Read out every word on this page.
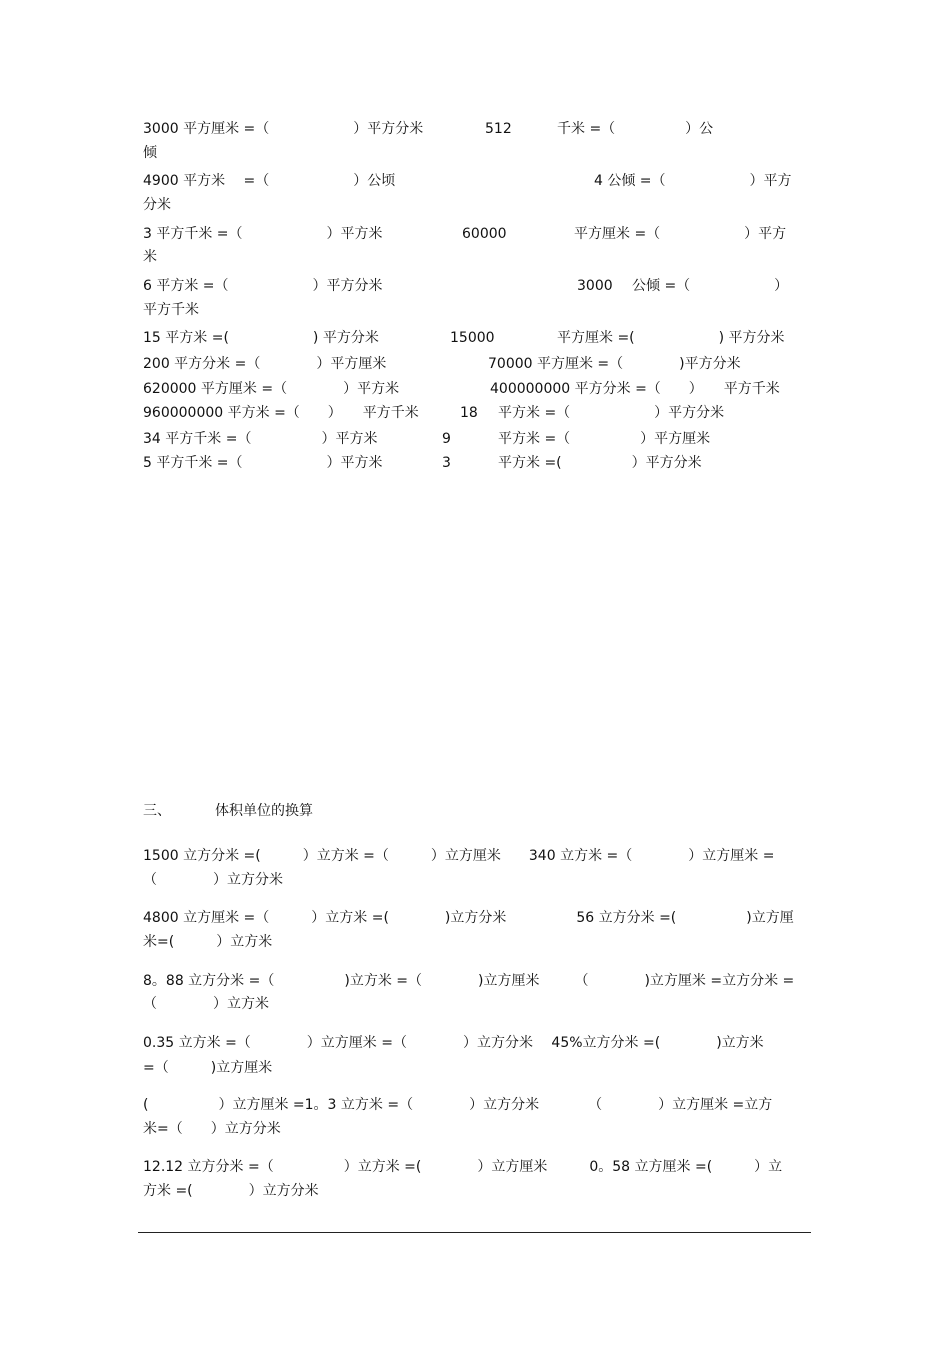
3000 平方厘米 =（　　　　　　）平方分米	512	千米 =（　　　　　）公
倾
4900 平方米　 =（　　　　　　）公顷	4 公倾 =（　　　　　　）平方
分米
3 平方千米 =（　　　　　　）平方米	60000	平方厘米 =（　　　　　　）平方
米
6 平方米 =（　　　　　　）平方分米	3000 公倾 =（　　　　　　）
平方千米
15 平方米 =(　　　　　　) 平方分米	15000	平方厘米 =(　　　　　　) 平方分米
200 平方分米 =（　　　　）平方厘米	70000 平方厘米 =（　　　　)平方分米
620000 平方厘米 =（　　　　）平方米	400000000 平方分米 =（　　）　　平方千米
960000000 平方米 =（　　）　　平方千米	18 平方米 =（　　　　　　）平方分米
34 平方千米 =（　　　　　）平方米	9	平方米 =（　　　　　）平方厘米
5 平方千米 =（　　　　　　）平方米	3	平方米 =(　　　　　）平方分米
三、	体积单位的换算
1500 立方分米 =(　　　）立方米 =（　　　）立方厘米　　340 立方米 =（　　　　）立方厘米 =
（　　　　）立方分米
4800 立方厘米 =（　　　）立方米 =(　　　　)立方分米　　　　　56 立方分米 =(　　　　　)立方厘
米=(　　　）立方米
8。88 立方分米 =（　　　　　)立方米 =（　　　　)立方厘米　　　（　　　　)立方厘米 =立方分米 =
（　　　　）立方米
0.35 立方米 =（　　　　）立方厘米 =（　　　　）立方分米　 45%立方分米 =(　　　　)立方米
=（　　　)立方厘米
(　　　　　）立方厘米 =1。3 立方米 =（　　　　）立方分米　　　　（　　　　）立方厘米 =立方
米=（　　）立方分米
12.12 立方分米 =（　　　　　）立方米 =(　　　　）立方厘米　　　0。58 立方厘米 =(　　　）立
方米 =(　　　　）立方分米
